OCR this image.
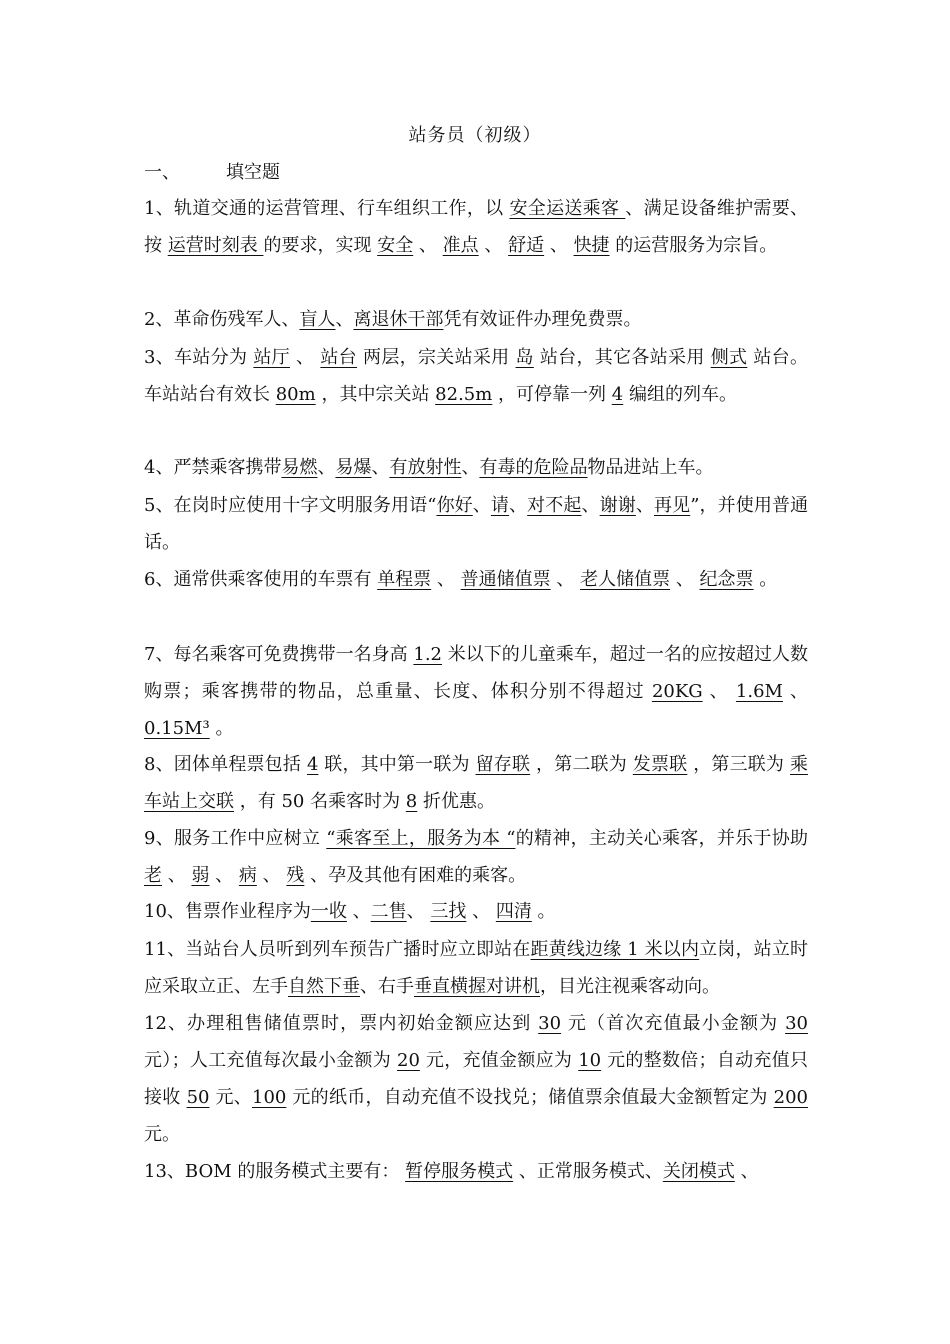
站务员（初级）
一、	填空题
1、轨道交通的运营管理、行车组织工作，以 安全运送乘客 、满足设备维护需要、按 运营时刻表 的要求，实现 安全 、 准点 、 舒适 、 快捷 的运营服务为宗旨。
2、革命伤残军人、盲人、离退休干部凭有效证件办理免费票。
3、车站分为 站厅 、 站台 两层，宗关站采用 岛 站台，其它各站采用 侧式 站台。车站站台有效长 80m ，其中宗关站 82.5m ，可停靠一列 4 编组的列车。
4、严禁乘客携带易燃、易爆、有放射性、有毒的危险品物品进站上车。
5、在岗时应使用十字文明服务用语“你好、请、对不起、谢谢、再见”，并使用普通话。
6、通常供乘客使用的车票有 单程票 、 普通储值票 、 老人储值票 、 纪念票 。
7、每名乘客可免费携带一名身高 1.2 米以下的儿童乘车，超过一名的应按超过人数购票；乘客携带的物品，总重量、长度、体积分别不得超过 20KG 、 1.6M 、 0.15M³ 。
8、团体单程票包括 4 联，其中第一联为 留存联 ，第二联为 发票联 ，第三联为 乘车站上交联 ，有 50 名乘客时为 8 折优惠。
9、服务工作中应树立 “乘客至上，服务为本 “的精神，主动关心乘客，并乐于协助 老 、 弱 、 病 、 残 、孕及其他有困难的乘客。
10、售票作业程序为一收 、二售、 三找 、 四清 。
11、当站台人员听到列车预告广播时应立即站在距黄线边缘 1 米以内立岗，站立时应采取立正、左手自然下垂、右手垂直横握对讲机，目光注视乘客动向。
12、办理租售储值票时，票内初始金额应达到 30 元（首次充值最小金额为 30 元）；人工充值每次最小金额为 20 元，充值金额应为 10 元的整数倍；自动充值只接收 50 元、100 元的纸币，自动充值不设找兑；储值票余值最大金额暂定为 200 元。
13、BOM 的服务模式主要有： 暂停服务模式 、正常服务模式、关闭模式 、
